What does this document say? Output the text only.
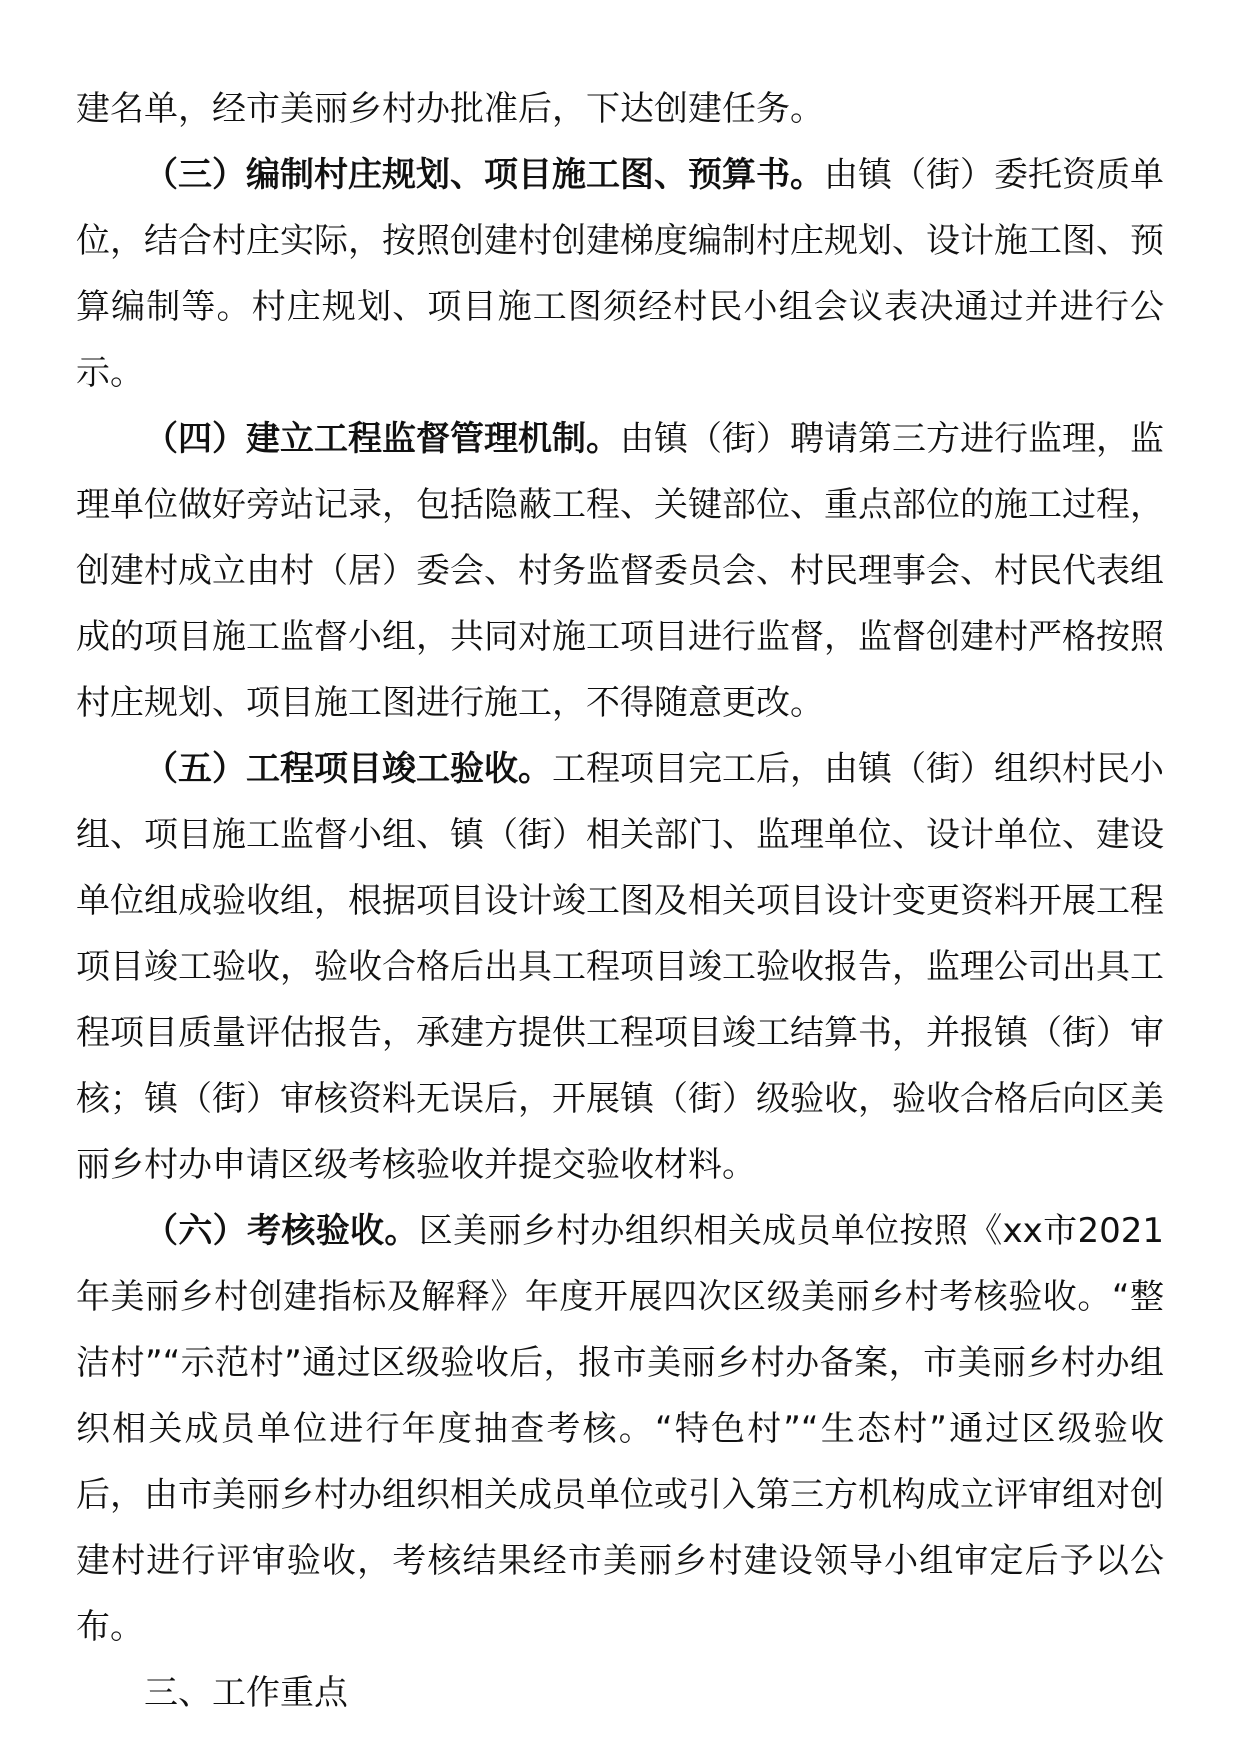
建名单，经市美丽乡村办批准后，下达创建任务。

（三）编制村庄规划、项目施工图、预算书。由镇（街）委托资质单位，结合村庄实际，按照创建村创建梯度编制村庄规划、设计施工图、预算编制等。村庄规划、项目施工图须经村民小组会议表决通过并进行公示。

（四）建立工程监督管理机制。由镇（街）聘请第三方进行监理，监理单位做好旁站记录，包括隐蔽工程、关键部位、重点部位的施工过程，创建村成立由村（居）委会、村务监督委员会、村民理事会、村民代表组成的项目施工监督小组，共同对施工项目进行监督，监督创建村严格按照村庄规划、项目施工图进行施工，不得随意更改。

（五）工程项目竣工验收。工程项目完工后，由镇（街）组织村民小组、项目施工监督小组、镇（街）相关部门、监理单位、设计单位、建设单位组成验收组，根据项目设计竣工图及相关项目设计变更资料开展工程项目竣工验收，验收合格后出具工程项目竣工验收报告，监理公司出具工程项目质量评估报告，承建方提供工程项目竣工结算书，并报镇（街）审核；镇（街）审核资料无误后，开展镇（街）级验收，验收合格后向区美丽乡村办申请区级考核验收并提交验收材料。

（六）考核验收。区美丽乡村办组织相关成员单位按照《xx市2021年美丽乡村创建指标及解释》年度开展四次区级美丽乡村考核验收。“整洁村”“示范村”通过区级验收后，报市美丽乡村办备案，市美丽乡村办组织相关成员单位进行年度抽查考核。“特色村”“生态村”通过区级验收后，由市美丽乡村办组织相关成员单位或引入第三方机构成立评审组对创建村进行评审验收，考核结果经市美丽乡村建设领导小组审定后予以公布。

三、工作重点
